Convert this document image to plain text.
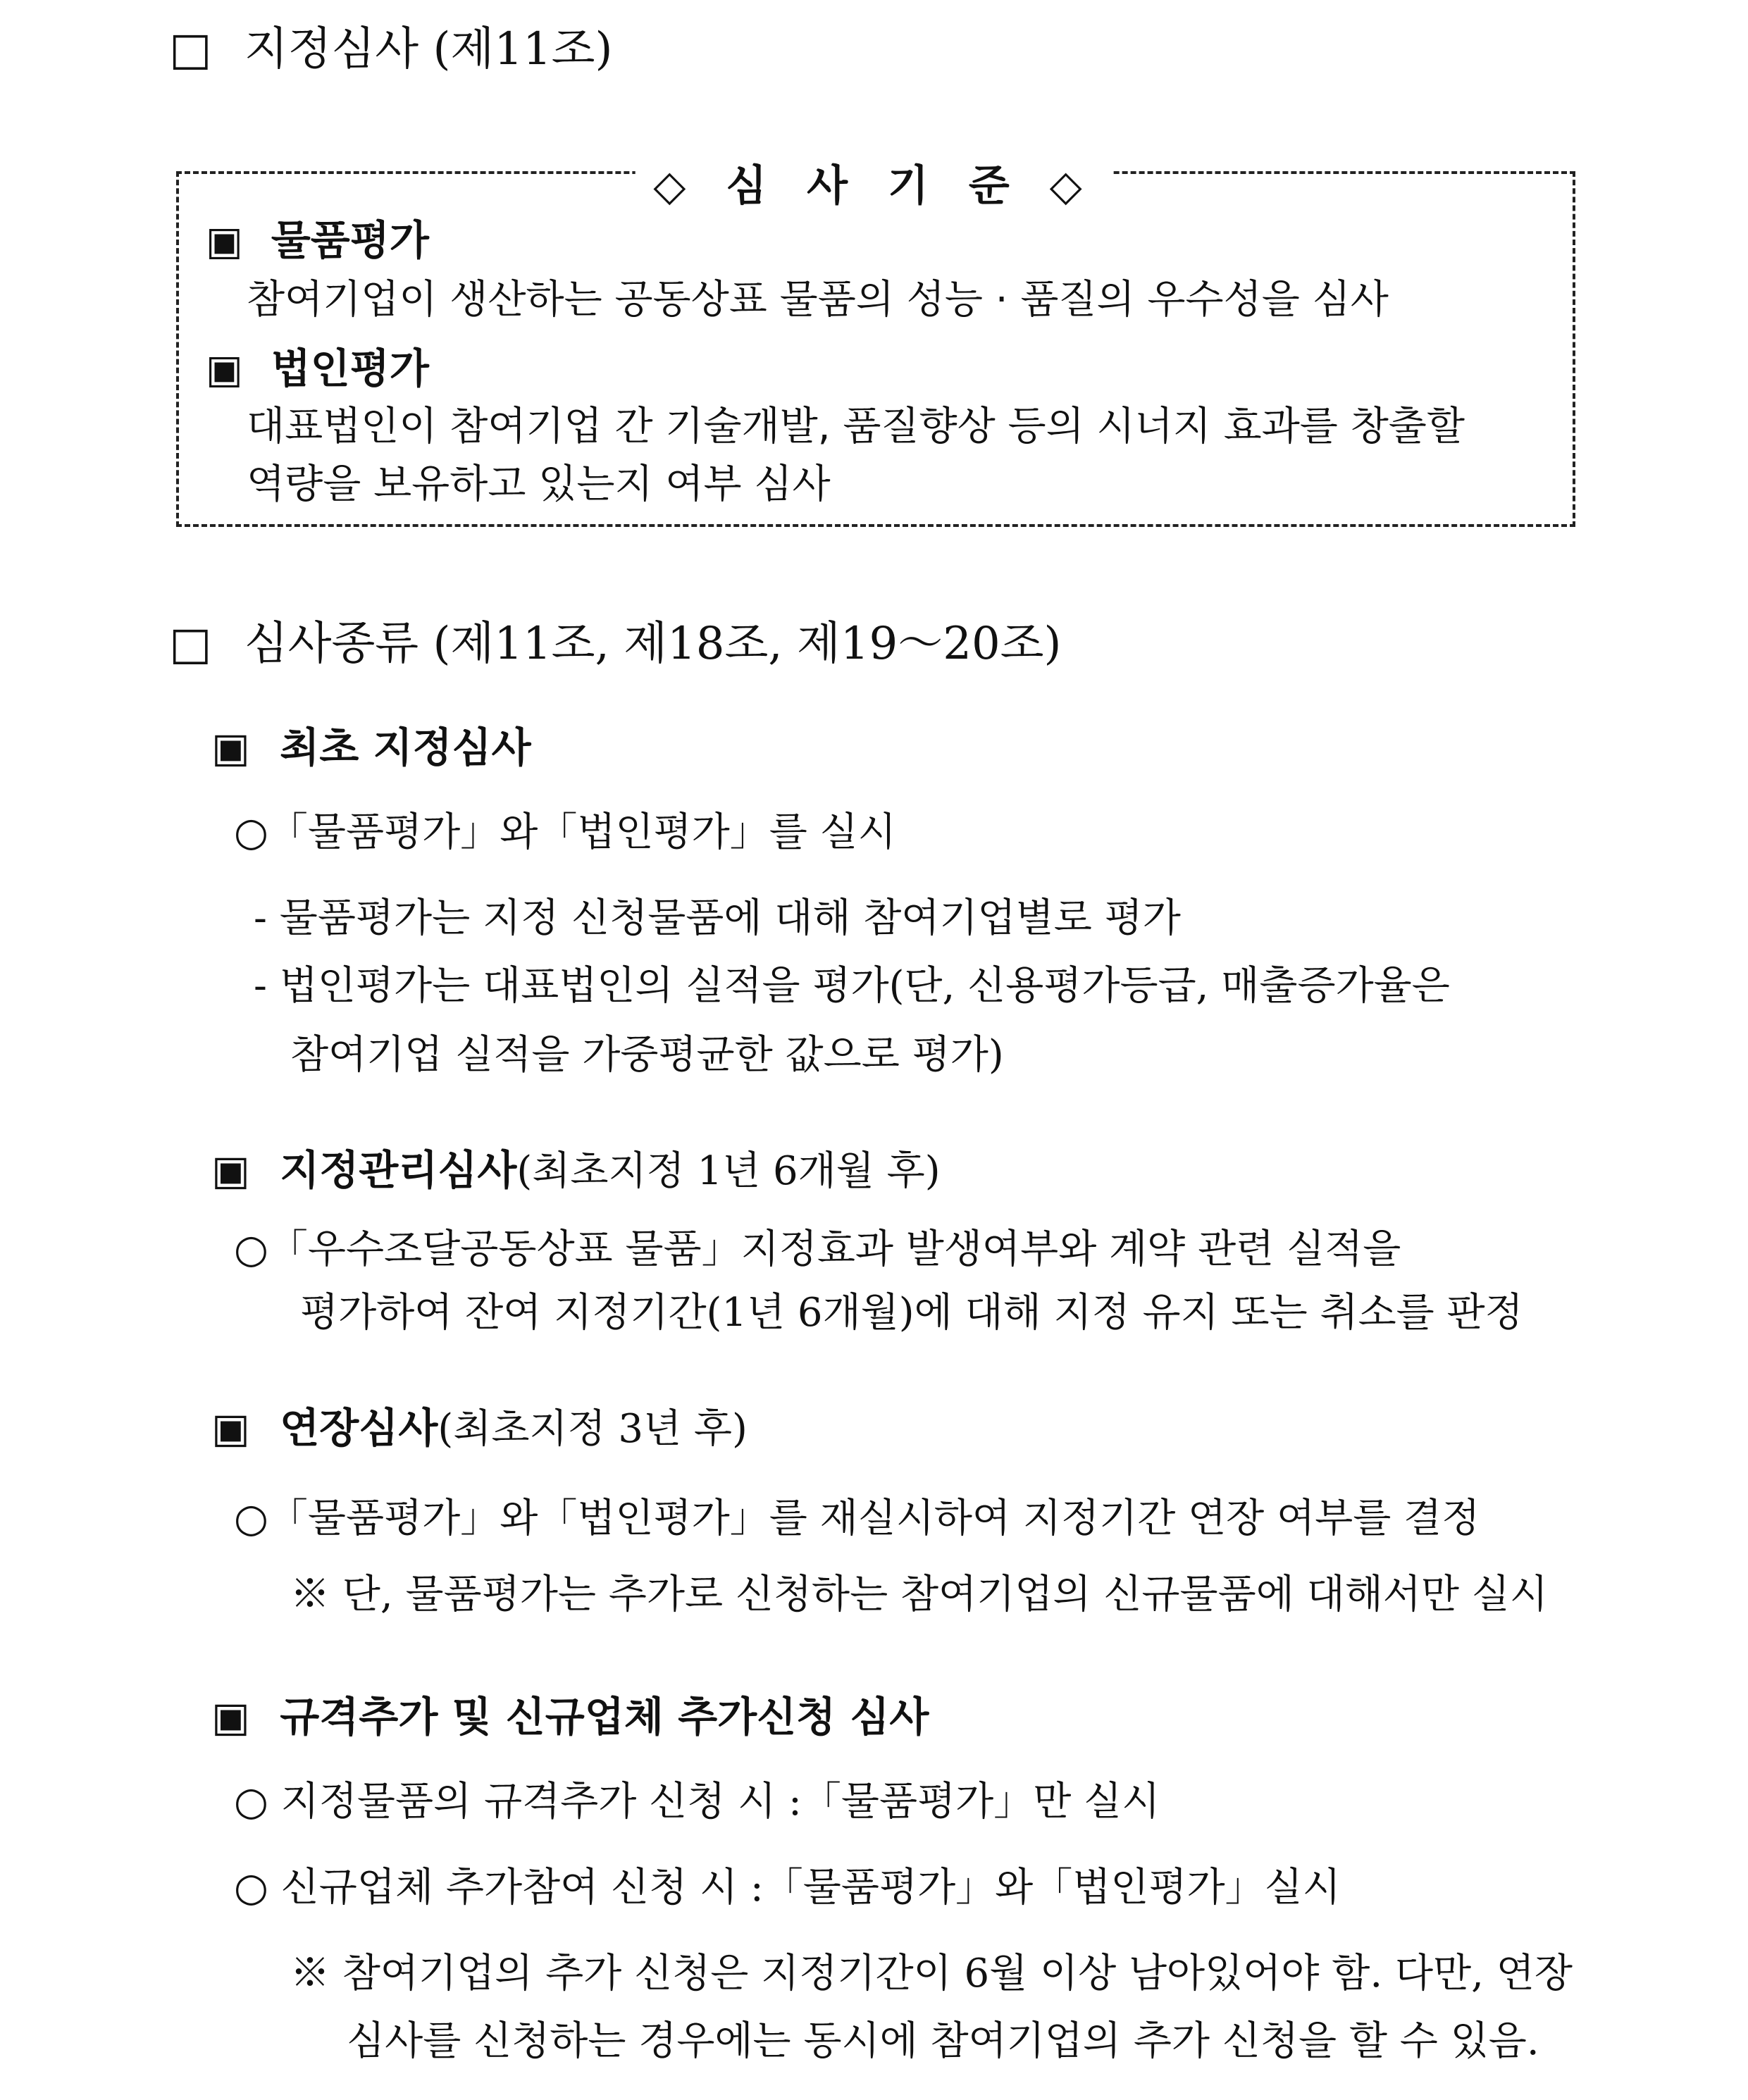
□ 지정심사 (제11조)
◇ 심 사 기 준 ◇
▣ 물품평가
참여기업이 생산하는 공동상표 물품의 성능 · 품질의 우수성을 심사
▣ 법인평가
대표법인이 참여기업 간 기술개발, 품질향상 등의 시너지 효과를 창출할
역량을 보유하고 있는지 여부 심사
□ 심사종류 (제11조, 제18조, 제19～20조)
▣ 최초 지정심사
○「물품평가」와「법인평가」를 실시
- 물품평가는 지정 신청물품에 대해 참여기업별로 평가
- 법인평가는 대표법인의 실적을 평가(단, 신용평가등급, 매출증가율은
참여기업 실적을 가중평균한 값으로 평가)
▣ 지정관리심사(최초지정 1년 6개월 후)
○「우수조달공동상표 물품」지정효과 발생여부와 계약 관련 실적을
평가하여 잔여 지정기간(1년 6개월)에 대해 지정 유지 또는 취소를 판정
▣ 연장심사(최초지정 3년 후)
○「물품평가」와「법인평가」를 재실시하여 지정기간 연장 여부를 결정
※ 단, 물품평가는 추가로 신청하는 참여기업의 신규물품에 대해서만 실시
▣ 규격추가 및 신규업체 추가신청 심사
○ 지정물품의 규격추가 신청 시 :「물품평가」만 실시
○ 신규업체 추가참여 신청 시 :「물품평가」와「법인평가」실시
※ 참여기업의 추가 신청은 지정기간이 6월 이상 남아있어야 함. 다만, 연장
심사를 신청하는 경우에는 동시에 참여기업의 추가 신청을 할 수 있음.
